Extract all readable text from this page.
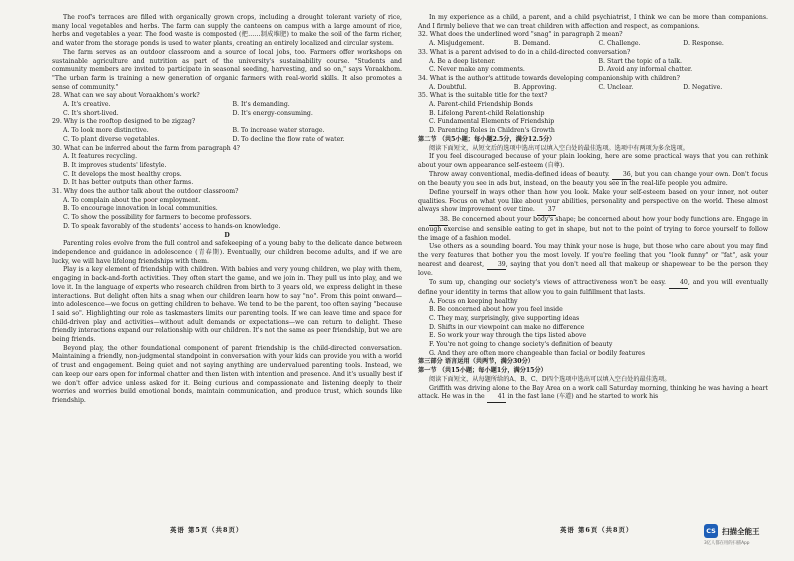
The roof's terraces are filled with organically grown crops, including a drought tolerant variety of rice, many local vegetables and herbs. The farm can supply the canteens on campus with a large amount of rice, herbs and vegetables a year. The food waste is composted (把……制成堆肥) to make the soil of the farm richer, and water from the storage ponds is used to water plants, creating an entirely localized and circular system.

The farm serves as an outdoor classroom and a source of local jobs, too. Farmers offer workshops on sustainable agriculture and nutrition as part of the university's sustainability course. "Students and community members are invited to participate in seasonal seeding, harvesting, and so on," says Voraakhom. "The urban farm is training a new generation of organic farmers with real-world skills. It also promotes a sense of community."

28. What can we say about Voraakhom's work?

A. It's creative.	B. It's demanding.
C. It's short-lived.	D. It's energy-consuming.

29. Why is the rooftop designed to be zigzag?

A. To look more distinctive.	B. To increase water storage.
C. To plant diverse vegetables.	D. To decline the flow rate of water.

30. What can be inferred about the farm from paragraph 4?

A. It features recycling.

B. It improves students' lifestyle.

C. It develops the most healthy crops.

D. It has better outputs than other farms.

31. Why does the author talk about the outdoor classroom?

A. To complain about the poor employment.

B. To encourage innovation in local communities.

C. To show the possibility for farmers to become professors.

D. To speak favorably of the students' access to hands-on knowledge.

D

Parenting roles evolve from the full control and safekeeping of a young baby to the delicate dance between independence and guidance in adolescence (青春期). Eventually, our children become adults, and if we are lucky, we will have lifelong friendships with them.

Play is a key element of friendship with children. With babies and very young children, we play with them, engaging in back-and-forth activities. They often start the game, and we join in. They pull us into play, and we love it. In the language of experts who research children from birth to 3 years old, we express delight in these interactions. But delight often hits a snag when our children learn how to say "no". From this point onward—into adolescence—we focus on getting children to behave. We tend to be the parent, too often saying "because I said so". Highlighting our role as taskmasters limits our parenting tools. If we can leave time and space for child-driven play and activities—without adult demands or expectations—we can return to delight. These friendly interactions expand our relationship with our children. It's not the same as peer friendship, but we are being friends.

Beyond play, the other foundational component of parent friendship is the child-directed conversation. Maintaining a friendly, non-judgmental standpoint in conversation with your kids can provide you with a world of trust and engagement. Being quiet and not saying anything are undervalued parenting tools. Instead, we can keep our ears open for informal chatter and then listen with intention and presence. And it's usually best if we don't offer advice unless asked for it. Being curious and compassionate and listening deeply to their worries and worries build emotional bonds, maintain communication, and produce trust, which sounds like friendship.

In my experience as a child, a parent, and a child psychiatrist, I think we can be more than companions. And I firmly believe that we can treat children with affection and respect, as companions.

32. What does the underlined word "snag" in paragraph 2 mean?

A. Misjudgement.	B. Demand.	C. Challenge.	D. Response.

33. What is a parent advised to do in a child-directed conversation?

A. Be a deep listener.	B. Start the topic of a talk.
C. Never make any comments.	D. Avoid any informal chatter.

34. What is the author's attitude towards developing companionship with children?

A. Doubtful.	B. Approving.	C. Unclear.	D. Negative.

35. What is the suitable title for the text?

A. Parent-child Friendship Bonds

B. Lifelong Parent-child Relationship

C. Fundamental Elements of Friendship

D. Parenting Roles in Children's Growth

第二节 （共5小题；每小题2.5分，满分12.5分）

阅读下面短文，从短文后的选项中选出可以填入空白处的最佳选项。选项中有两项为多余选项。

If you feel discouraged because of your plain looking, here are some practical ways that you can rethink about your own appearance self-esteem (自尊).

Throw away conventional, media-defined ideas of beauty. 36, but you can change your own. Don't focus on the beauty you see in ads but, instead, on the beauty you see in the real-life people you admire.

Define yourself in ways other than how you look. Make your self-esteem based on your inner, not outer qualities. Focus on what you like about your abilities, personality and perspective on the world. These almost always show improvement over time. 37

38. Be concerned about your body's shape; be concerned about how your body functions are. Engage in enough exercise and sensible eating to get in shape, but not to the point of trying to force yourself to follow the image of a fashion model.

Use others as a sounding board. You may think your nose is huge, but those who care about you may find the very features that bother you the most lovely. If you're feeling that you "look funny" or "fat", ask your nearest and dearest, 39, saying that you don't need all that makeup or shapewear to be the person they love.

To sum up, changing our society's views of attractiveness won't be easy. 40, and you will eventually define your identity in terms that allow you to gain fulfillment that lasts.

A. Focus on keeping healthy

B. Be concerned about how you feel inside

C. They may, surprisingly, give supporting ideas

D. Shifts in our viewpoint can make no difference

E. So work your way through the tips listed above

F. You're not going to change society's definition of beauty

G. And they are often more changeable than facial or bodily features

第三部分 语言运用（共两节，满分30分）

第一节 （共15小题；每小题1分，满分15分）

阅读下面短文，从每题所给的A、B、C、D四个选项中选出可以填入空白处的最佳选项。

Griffith was driving alone to the Bay Area on a work call Saturday morning, thinking he was having a heart attack. He was in the 41 in the fast lane (车道) and he started to work his

英语 第5页（共8页）	英语 第6页（共8页）	CS 扫描全能王
3亿人都在用的扫描App
